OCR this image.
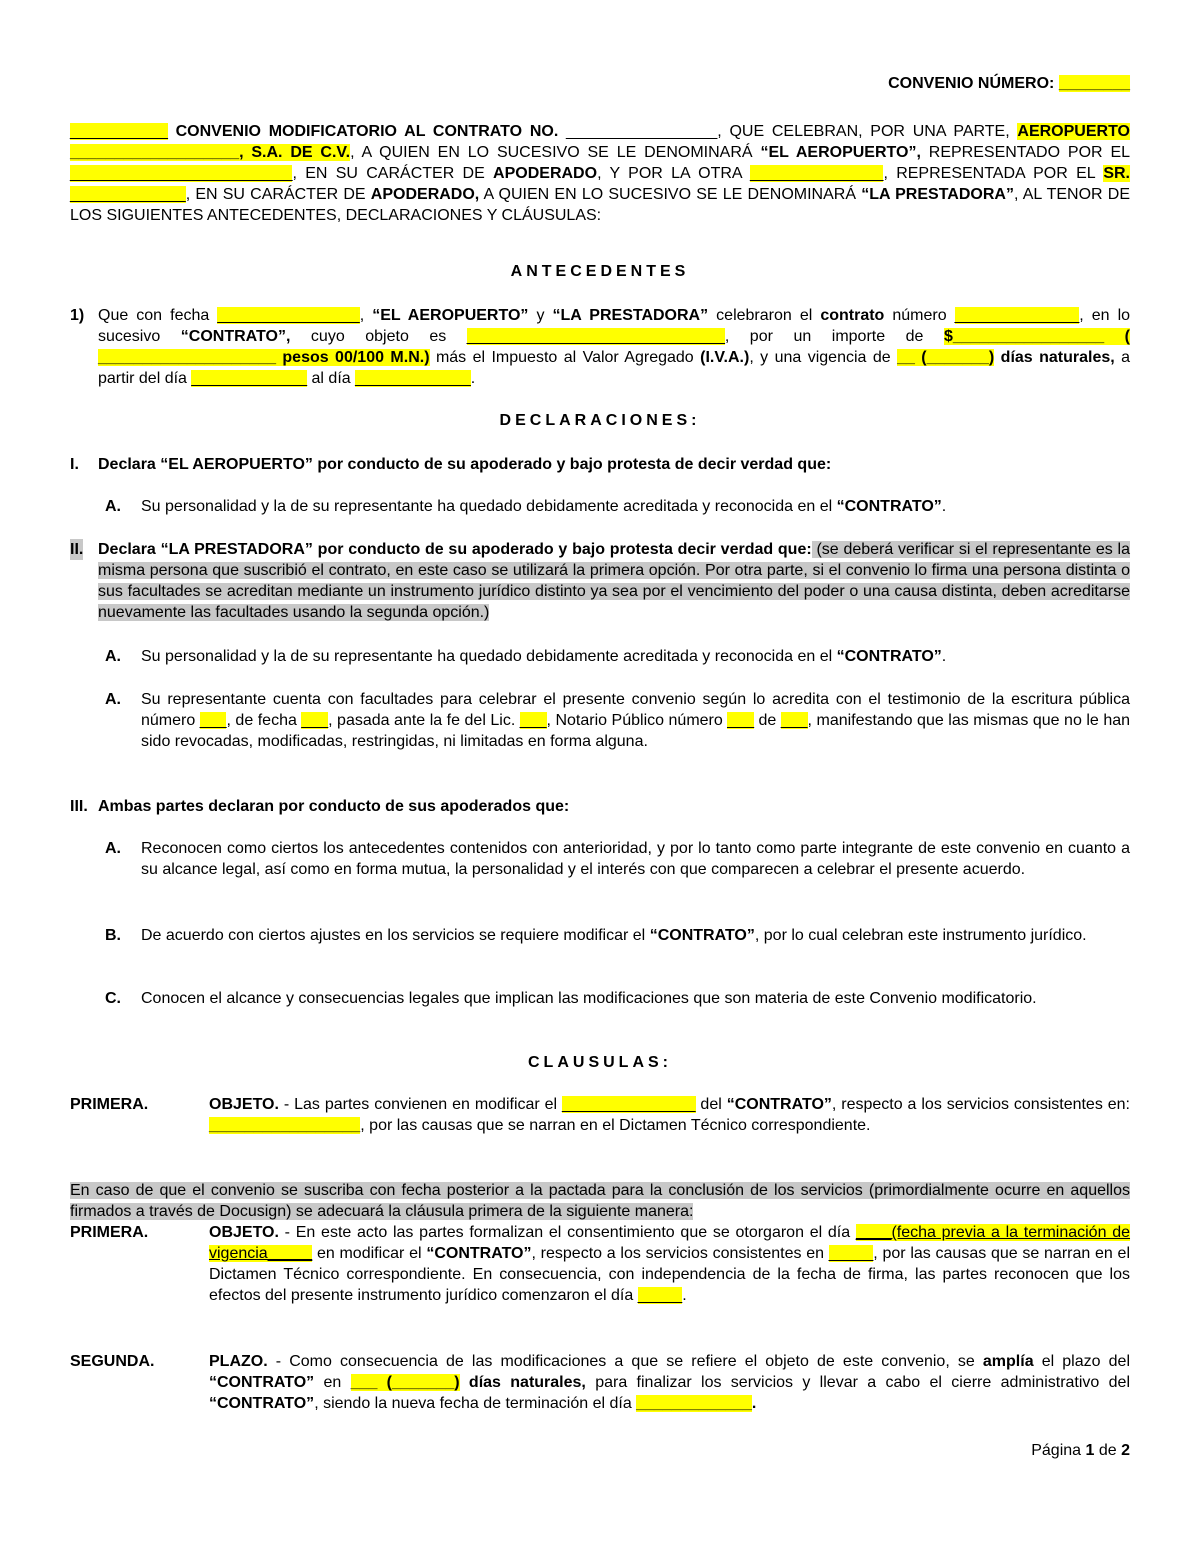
CONVENIO NÚMERO: ________

___________ CONVENIO MODIFICATORIO AL CONTRATO NO. _________________, QUE CELEBRAN, POR UNA PARTE, AEROPUERTO ___________________, S.A. DE C.V., A QUIEN EN LO SUCESIVO SE LE DENOMINARÁ “EL AEROPUERTO”, REPRESENTADO POR EL _________________________, EN SU CARÁCTER DE APODERADO, Y POR LA OTRA _______________, REPRESENTADA POR EL SR. _____________, EN SU CARÁCTER DE APODERADO, A QUIEN EN LO SUCESIVO SE LE DENOMINARÁ “LA PRESTADORA”, AL TENOR DE LOS SIGUIENTES ANTECEDENTES, DECLARACIONES Y CLÁUSULAS:

ANTECEDENTES
1) Que con fecha ________________, “EL AEROPUERTO” y “LA PRESTADORA” celebraron el contrato número ______________, en lo sucesivo “CONTRATO”, cuyo objeto es _____________________________, por un importe de $_________________ ( ____________________ pesos 00/100 M.N.) más el Impuesto al Valor Agregado (I.V.A.), y una vigencia de __ (_______) días naturales, a partir del día _____________ al día _____________.

DECLARACIONES:
I. Declara “EL AEROPUERTO” por conducto de su apoderado y bajo protesta de decir verdad que:

A. Su personalidad y la de su representante ha quedado debidamente acreditada y reconocida en el “CONTRATO”.

II. Declara “LA PRESTADORA” por conducto de su apoderado y bajo protesta decir verdad que: (se deberá verificar si el representante es la misma persona que suscribió el contrato, en este caso se utilizará la primera opción. Por otra parte, si el convenio lo firma una persona distinta o sus facultades se acreditan mediante un instrumento jurídico distinto ya sea por el vencimiento del poder o una causa distinta, deben acreditarse nuevamente las facultades usando la segunda opción.)

A. Su personalidad y la de su representante ha quedado debidamente acreditada y reconocida en el “CONTRATO”.

A. Su representante cuenta con facultades para celebrar el presente convenio según lo acredita con el testimonio de la escritura pública número ___, de fecha ___, pasada ante la fe del Lic. ___, Notario Público número ___ de ___, manifestando que las mismas que no le han sido revocadas, modificadas, restringidas, ni limitadas en forma alguna.

III. Ambas partes declaran por conducto de sus apoderados que:

A. Reconocen como ciertos los antecedentes contenidos con anterioridad, y por lo tanto como parte integrante de este convenio en cuanto a su alcance legal, así como en forma mutua, la personalidad y el interés con que comparecen a celebrar el presente acuerdo.

B. De acuerdo con ciertos ajustes en los servicios se requiere modificar el “CONTRATO”, por lo cual celebran este instrumento jurídico.

C. Conocen el alcance y consecuencias legales que implican las modificaciones que son materia de este Convenio modificatorio.

CLAUSULAS:
PRIMERA.	OBJETO. - Las partes convienen en modificar el _______________ del “CONTRATO”, respecto a los servicios consistentes en: _________________, por las causas que se narran en el Dictamen Técnico correspondiente.

En caso de que el convenio se suscriba con fecha posterior a la pactada para la conclusión de los servicios (primordialmente ocurre en aquellos firmados a través de Docusign) se adecuará la cláusula primera de la siguiente manera:

PRIMERA.	OBJETO. - En este acto las partes formalizan el consentimiento que se otorgaron el día ____(fecha previa a la terminación de vigencia_____ en modificar el “CONTRATO”, respecto a los servicios consistentes en _____, por las causas que se narran en el Dictamen Técnico correspondiente. En consecuencia, con independencia de la fecha de firma, las partes reconocen que los efectos del presente instrumento jurídico comenzaron el día _____.

SEGUNDA.	PLAZO. - Como consecuencia de las modificaciones a que se refiere el objeto de este convenio, se amplía el plazo del “CONTRATO” en ___ (_______) días naturales, para finalizar los servicios y llevar a cabo el cierre administrativo del “CONTRATO”, siendo la nueva fecha de terminación el día _____________.

Página 1 de 2
